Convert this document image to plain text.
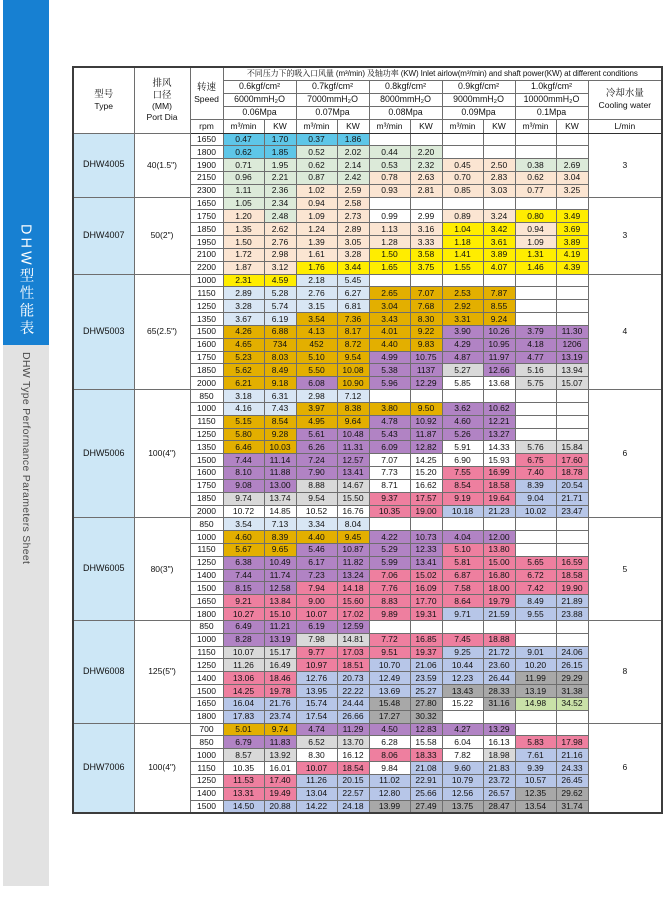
DHW型性能表
DHW Type Performance Parameters Sheet
型号
Type	排风
口径
(MM)
Port Dia	转速
Speed	不同压力下的吸入口风量 (m³/min) 及轴功率 (KW) Inlet airlow(m³/min) and shaft power(KW) at different conditions										
			0.6kgf/cm²		0.7kgf/cm²		0.8kgf/cm²		0.9kgf/cm²		1.0kgf/cm²		冷却水量
Cooling water

			6000mmH₂O		7000mmH₂O		8000mmH₂O		9000mmH₂O		10000mmH₂O		
			0.06Mpa		0.07Mpa		0.08Mpa		0.09Mpa		0.1Mpa		
		rpm	m³/min	KW	m³/min	KW	m³/min	KW	m³/min	KW	m³/min	KW	L/min
DHW4005	40(1.5")	1650	0.47	1.70	0.37	1.86							3
		1800	0.62	1.85	0.52	2.02	0.44	2.20					
		1900	0.71	1.95	0.62	2.14	0.53	2.32	0.45	2.50	0.38	2.69	
		2150	0.96	2.21	0.87	2.42	0.78	2.63	0.70	2.83	0.62	3.04	
		2300	1.11	2.36	1.02	2.59	0.93	2.81	0.85	3.03	0.77	3.25	
DHW4007	50(2")	1650	1.05	2.34	0.94	2.58							3
		1750	1.20	2.48	1.09	2.73	0.99	2.99	0.89	3.24	0.80	3.49	
		1850	1.35	2.62	1.24	2.89	1.13	3.16	1.04	3.42	0.94	3.69	
		1950	1.50	2.76	1.39	3.05	1.28	3.33	1.18	3.61	1.09	3.89	
		2100	1.72	2.98	1.61	3.28	1.50	3.58	1.41	3.89	1.31	4.19	
		2200	1.87	3.12	1.76	3.44	1.65	3.75	1.55	4.07	1.46	4.39	
DHW5003	65(2.5")	1000	2.31	4.59	2.18	5.45							4
		1150	2.89	5.28	2.76	6.27	2.65	7.07	2.53	7.87			
		1250	3.28	5.74	3.15	6.81	3.04	7.68	2.92	8.55			
		1350	3.67	6.19	3.54	7.36	3.43	8.30	3.31	9.24			
		1500	4.26	6.88	4.13	8.17	4.01	9.22	3.90	10.26	3.79	11.30	
		1600	4.65	734	452	8.72	4.40	9.83	4.29	10.95	4.18	1206	
		1750	5.23	8.03	5.10	9.54	4.99	10.75	4.87	11.97	4.77	13.19	
		1850	5.62	8.49	5.50	10.08	5.38	1137	5.27	12.66	5.16	13.94	
		2000	6.21	9.18	6.08	10.90	5.96	12.29	5.85	13.68	5.75	15.07	
DHW5006	100(4")	850	3.18	6.31	2.98	7.12							6
		1000	4.16	7.43	3.97	8.38	3.80	9.50	3.62	10.62			
		1150	5.15	8.54	4.95	9.64	4.78	10.92	4.60	12.21			
		1250	5.80	9.28	5.61	10.48	5.43	11.87	5.26	13.27			
		1350	6.46	10.03	6.26	11.31	6.09	12.82	5.91	14.33	5.76	15.84	
		1500	7.44	11.14	7.24	12.57	7.07	14.25	6.90	15.93	6.75	17.60	
		1600	8.10	11.88	7.90	13.41	7.73	15.20	7.55	16.99	7.40	18.78	
		1750	9.08	13.00	8.88	14.67	8.71	16.62	8.54	18.58	8.39	20.54	
		1850	9.74	13.74	9.54	15.50	9.37	17.57	9.19	19.64	9.04	21.71	
		2000	10.72	14.85	10.52	16.76	10.35	19.00	10.18	21.23	10.02	23.47	
DHW6005	80(3")	850	3.54	7.13	3.34	8.04							5
		1000	4.60	8.39	4.40	9.45	4.22	10.73	4.04	12.00			
		1150	5.67	9.65	5.46	10.87	5.29	12.33	5.10	13.80			
		1250	6.38	10.49	6.17	11.82	5.99	13.41	5.81	15.00	5.65	16.59	
		1400	7.44	11.74	7.23	13.24	7.06	15.02	6.87	16.80	6.72	18.58	
		1500	8.15	12.58	7.94	14.18	7.76	16.09	7.58	18.00	7.42	19.90	
		1650	9.21	13.84	9.00	15.60	8.83	17.70	8.64	19.79	8.49	21.89	
		1800	10.27	15.10	10.07	17.02	9.89	19.31	9.71	21.59	9.55	23.88	
DHW6008	125(5")	850	6.49	11.21	6.19	12.59							8
		1000	8.28	13.19	7.98	14.81	7.72	16.85	7.45	18.88			
		1150	10.07	15.17	9.77	17.03	9.51	19.37	9.25	21.72	9.01	24.06	
		1250	11.26	16.49	10.97	18.51	10.70	21.06	10.44	23.60	10.20	26.15	
		1400	13.06	18.46	12.76	20.73	12.49	23.59	12.23	26.44	11.99	29.29	
		1500	14.25	19.78	13.95	22.22	13.69	25.27	13.43	28.33	13.19	31.38	
		1650	16.04	21.76	15.74	24.44	15.48	27.80	15.22	31.16	14.98	34.52	
		1800	17.83	23.74	17.54	26.66	17.27	30.32					
DHW7006	100(4")	700	5.01	9.74	4.74	11.29	4.50	12.83	4.27	13.29			6
		850	6.79	11.83	6.52	13.70	6.28	15.58	6.04	16.13	5.83	17.98	
		1000	8.57	13.92	8.30	16.12	8.06	18.33	7.82	18.98	7.61	21.16	
		1150	10.35	16.01	10.07	18.54	9.84	21.08	9.60	21.83	9.39	24.33	
		1250	11.53	17.40	11.26	20.15	11.02	22.91	10.79	23.72	10.57	26.45	
		1400	13.31	19.49	13.04	22.57	12.80	25.66	12.56	26.57	12.35	29.62	
		1500	14.50	20.88	14.22	24.18	13.99	27.49	13.75	28.47	13.54	31.74	
